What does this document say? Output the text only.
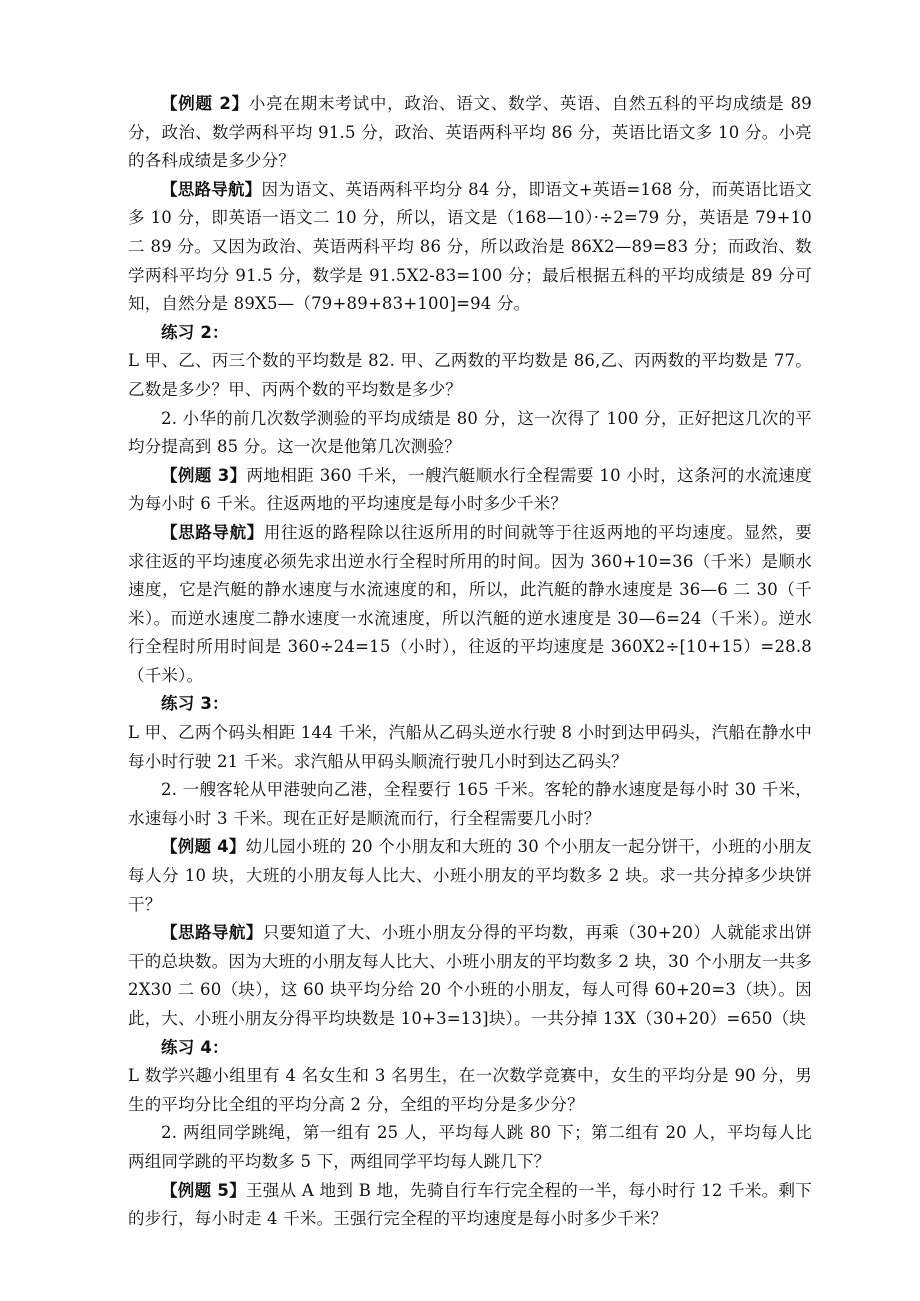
【例题 2】小亮在期末考试中，政治、语文、数学、英语、自然五科的平均成绩是 89 分，政治、数学两科平均 91.5 分，政治、英语两科平均 86 分，英语比语文多 10 分。小亮的各科成绩是多少分？

【思路导航】因为语文、英语两科平均分 84 分，即语文+英语=168 分，而英语比语文多 10 分，即英语一语文二 10 分，所以，语文是（168—10）·÷2=79 分，英语是 79+10 二 89 分。又因为政治、英语两科平均 86 分，所以政治是 86X2—89=83 分；而政治、数学两科平均分 91.5 分，数学是 91.5X2-83=100 分；最后根据五科的平均成绩是 89 分可知，自然分是 89X5—（79+89+83+100]=94 分。

练习 2：

L 甲、乙、丙三个数的平均数是 82. 甲、乙两数的平均数是 86,乙、丙两数的平均数是 77。乙数是多少？甲、丙两个数的平均数是多少？

2. 小华的前几次数学测验的平均成绩是 80 分，这一次得了 100 分，正好把这几次的平均分提高到 85 分。这一次是他第几次测验？

【例题 3】两地相距 360 千米，一艘汽艇顺水行全程需要 10 小时，这条河的水流速度为每小时 6 千米。往返两地的平均速度是每小时多少千米？

【思路导航】用往返的路程除以往返所用的时间就等于往返两地的平均速度。显然，要求往返的平均速度必须先求出逆水行全程时所用的时间。因为 360+10=36（千米）是顺水速度，它是汽艇的静水速度与水流速度的和，所以，此汽艇的静水速度是 36—6 二 30（千米）。而逆水速度二静水速度一水流速度，所以汽艇的逆水速度是 30—6=24（千米）。逆水行全程时所用时间是 360÷24=15（小时），往返的平均速度是 360X2÷[10+15）=28.8（千米）。

练习 3：

L 甲、乙两个码头相距 144 千米，汽船从乙码头逆水行驶 8 小时到达甲码头，汽船在静水中每小时行驶 21 千米。求汽船从甲码头顺流行驶几小时到达乙码头？

2. 一艘客轮从甲港驶向乙港，全程要行 165 千米。客轮的静水速度是每小时 30 千米，水速每小时 3 千米。现在正好是顺流而行，行全程需要几小时？

【例题 4】幼儿园小班的 20 个小朋友和大班的 30 个小朋友一起分饼干，小班的小朋友每人分 10 块，大班的小朋友每人比大、小班小朋友的平均数多 2 块。求一共分掉多少块饼干？

【思路导航】只要知道了大、小班小朋友分得的平均数，再乘（30+20）人就能求出饼干的总块数。因为大班的小朋友每人比大、小班小朋友的平均数多 2 块，30 个小朋友一共多 2X30 二 60（块），这 60 块平均分给 20 个小班的小朋友，每人可得 60+20=3（块）。因此，大、小班小朋友分得平均块数是 10+3=13]块）。一共分掉 13X（30+20）=650（块

练习 4：

L 数学兴趣小组里有 4 名女生和 3 名男生，在一次数学竞赛中，女生的平均分是 90 分，男生的平均分比全组的平均分高 2 分，全组的平均分是多少分？

2. 两组同学跳绳，第一组有 25 人，平均每人跳 80 下；第二组有 20 人，平均每人比两组同学跳的平均数多 5 下，两组同学平均每人跳几下？

【例题 5】王强从 A 地到 B 地，先骑自行车行完全程的一半，每小时行 12 千米。剩下的步行，每小时走 4 千米。王强行完全程的平均速度是每小时多少千米？
